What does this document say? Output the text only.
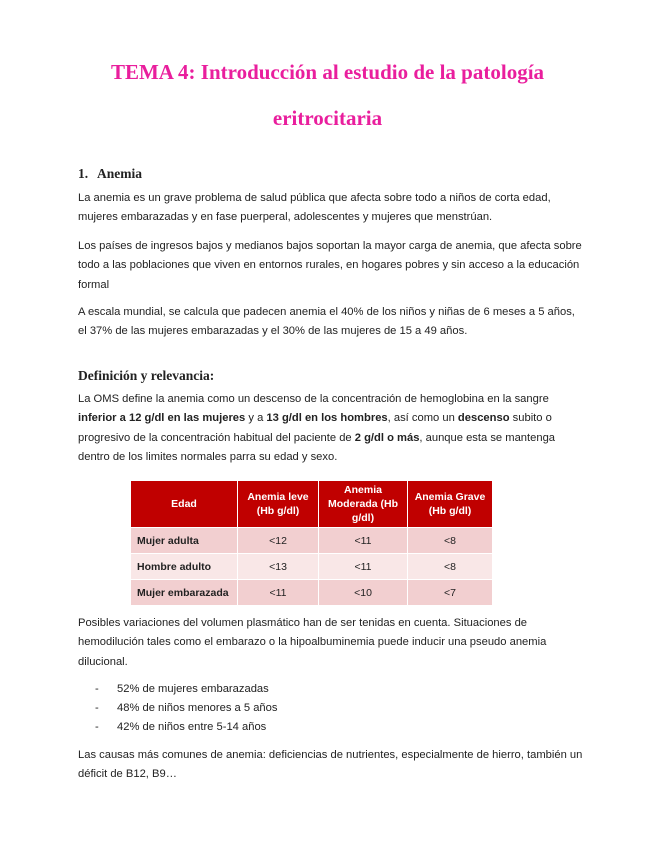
TEMA 4: Introducción al estudio de la patología
eritrocitaria
1. Anemia

La anemia es un grave problema de salud pública que afecta sobre todo a niños de corta edad, mujeres embarazadas y en fase puerperal, adolescentes y mujeres que menstrúan.

Los países de ingresos bajos y medianos bajos soportan la mayor carga de anemia, que afecta sobre todo a las poblaciones que viven en entornos rurales, en hogares pobres y sin acceso a la educación formal

A escala mundial, se calcula que padecen anemia el 40% de los niños y niñas de 6 meses a 5 años, el 37% de las mujeres embarazadas y el 30% de las mujeres de 15 a 49 años.

Definición y relevancia:

La OMS define la anemia como un descenso de la concentración de hemoglobina en la sangre inferior a 12 g/dl en las mujeres y a 13 g/dl en los hombres, así como un descenso subito o progresivo de la concentración habitual del paciente de 2 g/dl o más, aunque esta se mantenga dentro de los limites normales parra su edad y sexo.

Edad	Anemia leve (Hb g/dl)	Anemia Moderada (Hb g/dl)	Anemia Grave (Hb g/dl)
Mujer adulta	<12	<11	<8
Hombre adulto	<13	<11	<8
Mujer embarazada	<11	<10	<7

Posibles variaciones del volumen plasmático han de ser tenidas en cuenta. Situaciones de hemodilución tales como el embarazo o la hipoalbuminemia puede inducir una pseudo anemia dilucional.

- 52% de mujeres embarazadas
- 48% de niños menores a 5 años
- 42% de niños entre 5-14 años

Las causas más comunes de anemia: deficiencias de nutrientes, especialmente de hierro, también un déficit de B12, B9…
